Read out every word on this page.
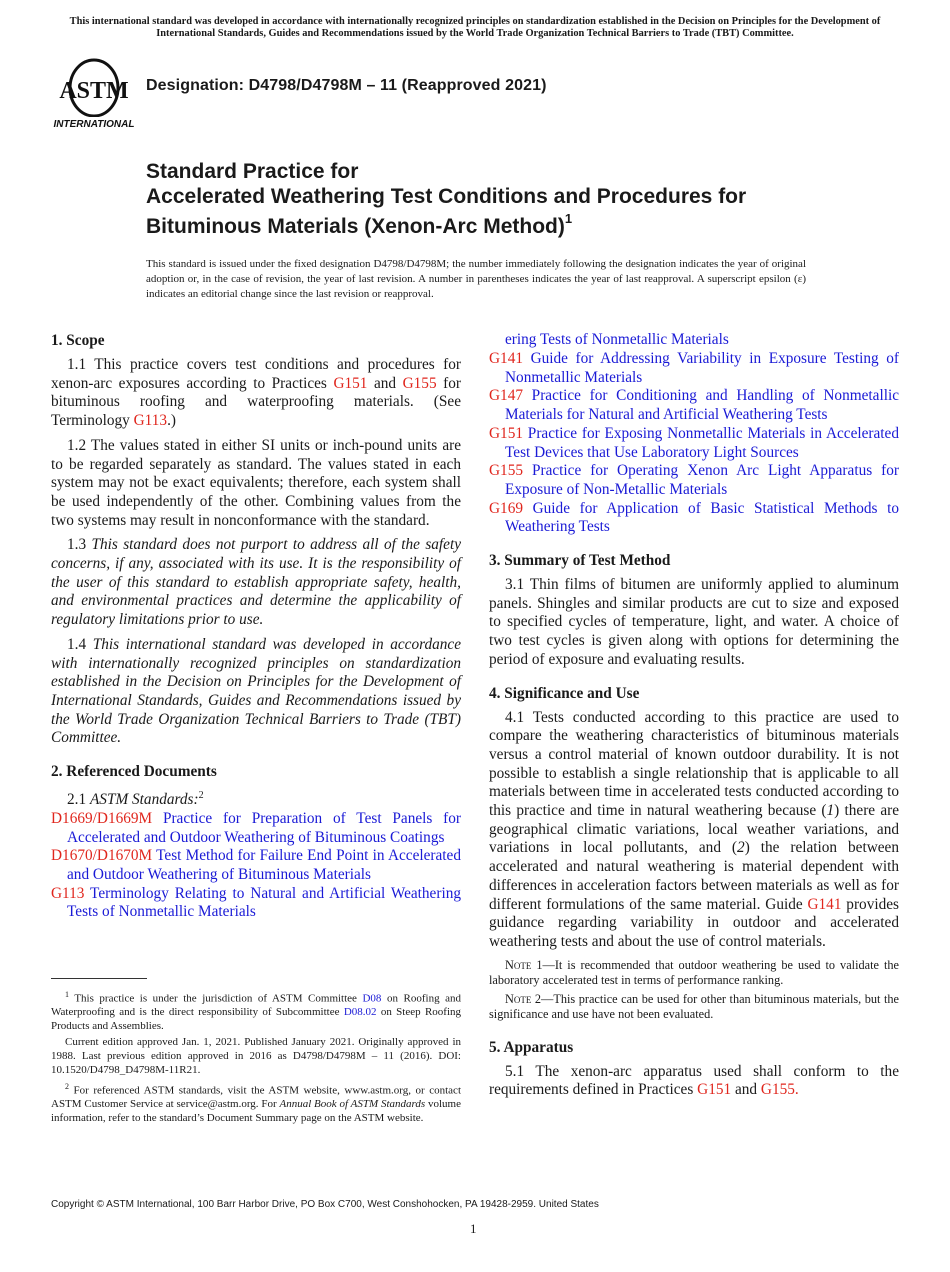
This international standard was developed in accordance with internationally recognized principles on standardization established in the Decision on Principles for the Development of International Standards, Guides and Recommendations issued by the World Trade Organization Technical Barriers to Trade (TBT) Committee.
ASTM
INTERNATIONAL
Designation: D4798/D4798M – 11 (Reapproved 2021)
Standard Practice for
Accelerated Weathering Test Conditions and Procedures for
Bituminous Materials (Xenon-Arc Method)$^1$
This standard is issued under the fixed designation D4798/D4798M; the number immediately following the designation indicates the year of original adoption or, in the case of revision, the year of last revision. A number in parentheses indicates the year of last reapproval. A superscript epsilon (ε) indicates an editorial change since the last revision or reapproval.
1. Scope

1.1 This practice covers test conditions and procedures for xenon-arc exposures according to Practices G151 and G155 for bituminous roofing and waterproofing materials. (See Terminology G113.)

1.2 The values stated in either SI units or inch-pound units are to be regarded separately as standard. The values stated in each system may not be exact equivalents; therefore, each system shall be used independently of the other. Combining values from the two systems may result in nonconformance with the standard.

1.3 This standard does not purport to address all of the safety concerns, if any, associated with its use. It is the responsibility of the user of this standard to establish appropriate safety, health, and environmental practices and determine the applicability of regulatory limitations prior to use.

1.4 This international standard was developed in accordance with internationally recognized principles on standardization established in the Decision on Principles for the Development of International Standards, Guides and Recommendations issued by the World Trade Organization Technical Barriers to Trade (TBT) Committee.

2. Referenced Documents

2.1 ASTM Standards:$^2$

D1669/D1669M Practice for Preparation of Test Panels for Accelerated and Outdoor Weathering of Bituminous Coatings

D1670/D1670M Test Method for Failure End Point in Accelerated and Outdoor Weathering of Bituminous Materials

G113 Terminology Relating to Natural and Artificial Weathering Tests of Nonmetallic Materials

$^1$ This practice is under the jurisdiction of ASTM Committee D08 on Roofing and Waterproofing and is the direct responsibility of Subcommittee D08.02 on Steep Roofing Products and Assemblies.

Current edition approved Jan. 1, 2021. Published January 2021. Originally approved in 1988. Last previous edition approved in 2016 as D4798/D4798M – 11 (2016). DOI: 10.1520/D4798_D4798M-11R21.

$^2$ For referenced ASTM standards, visit the ASTM website, www.astm.org, or contact ASTM Customer Service at service@astm.org. For Annual Book of ASTM Standards volume information, refer to the standard’s Document Summary page on the ASTM website.

ering Tests of Nonmetallic Materials

G141 Guide for Addressing Variability in Exposure Testing of Nonmetallic Materials

G147 Practice for Conditioning and Handling of Nonmetallic Materials for Natural and Artificial Weathering Tests

G151 Practice for Exposing Nonmetallic Materials in Accelerated Test Devices that Use Laboratory Light Sources

G155 Practice for Operating Xenon Arc Light Apparatus for Exposure of Non-Metallic Materials

G169 Guide for Application of Basic Statistical Methods to Weathering Tests

3. Summary of Test Method

3.1 Thin films of bitumen are uniformly applied to aluminum panels. Shingles and similar products are cut to size and exposed to specified cycles of temperature, light, and water. A choice of two test cycles is given along with options for determining the period of exposure and evaluating results.

4. Significance and Use

4.1 Tests conducted according to this practice are used to compare the weathering characteristics of bituminous materials versus a control material of known outdoor durability. It is not possible to establish a single relationship that is applicable to all materials between time in accelerated tests conducted according to this practice and time in natural weathering because (1) there are geographical climatic variations, local weather variations, and variations in local pollutants, and (2) the relation between accelerated and natural weathering is material dependent with differences in acceleration factors between materials as well as for different formulations of the same material. Guide G141 provides guidance regarding variability in outdoor and accelerated weathering tests and about the use of control materials.

Note 1—It is recommended that outdoor weathering be used to validate the laboratory accelerated test in terms of performance ranking.

Note 2—This practice can be used for other than bituminous materials, but the significance and use have not been evaluated.

5. Apparatus

5.1 The xenon-arc apparatus used shall conform to the requirements defined in Practices G151 and G155.

Copyright © ASTM International, 100 Barr Harbor Drive, PO Box C700, West Conshohocken, PA 19428-2959. United States
1
